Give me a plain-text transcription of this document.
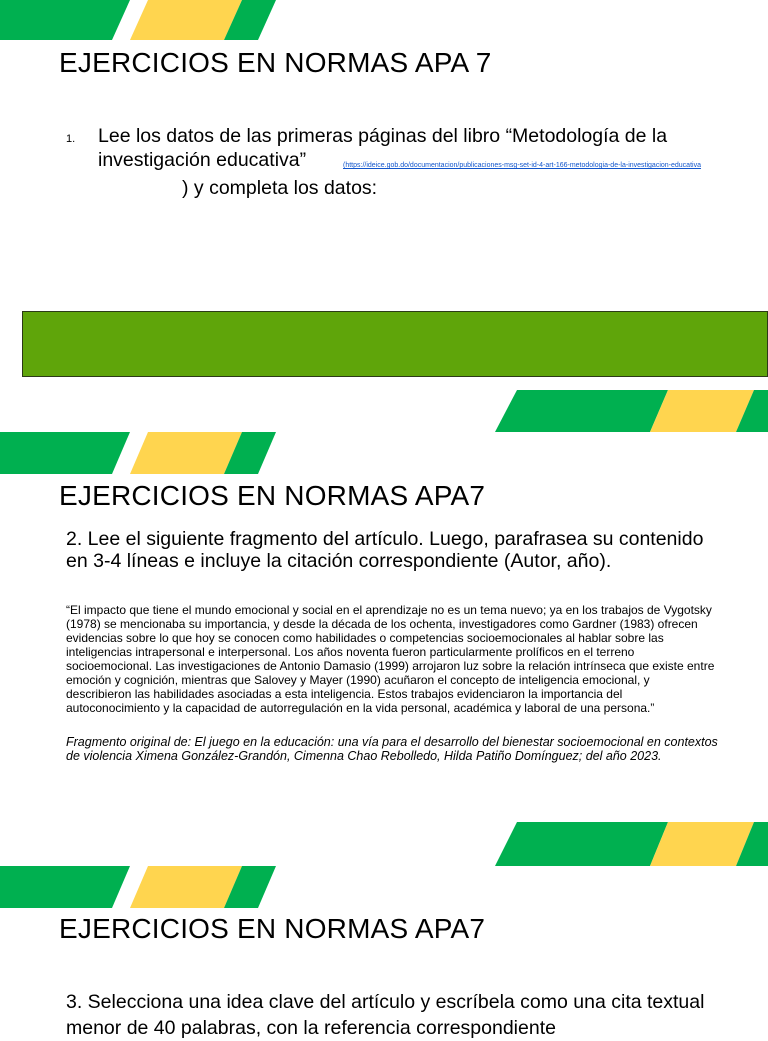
EJERCICIOS EN NORMAS APA 7
1. Lee los datos de las primeras páginas del libro “Metodología de la investigación educativa”	(https://ideice.gob.do/documentacion/publicaciones-msg-set-id-4-art-166-metodologia-de-la-investigacion-educativa
) y completa los datos:
EJERCICIOS EN NORMAS APA7

2. Lee el siguiente fragmento del artículo. Luego, parafrasea su contenido en 3-4 líneas e incluye la citación correspondiente (Autor, año).

“El impacto que tiene el mundo emocional y social en el aprendizaje no es un tema nuevo; ya en los trabajos de Vygotsky (1978) se mencionaba su importancia, y desde la década de los ochenta, investigadores como Gardner (1983) ofrecen evidencias sobre lo que hoy se conocen como habilidades o competencias socioemocionales al hablar sobre las inteligencias intrapersonal e interpersonal. Los años noventa fueron particularmente prolíficos en el terreno socioemocional. Las investigaciones de Antonio Damasio (1999) arrojaron luz sobre la relación intrínseca que existe entre emoción y cognición, mientras que Salovey y Mayer (1990) acuñaron el concepto de inteligencia emocional, y describieron las habilidades asociadas a esta inteligencia. Estos trabajos evidenciaron la importancia del autoconocimiento y la capacidad de autorregulación en la vida personal, académica y laboral de una persona.”

Fragmento original de: El juego en la educación: una vía para el desarrollo del bienestar socioemocional en contextos de violencia Ximena González-Grandón, Cimenna Chao Rebolledo, Hilda Patiño Domínguez; del año 2023.

EJERCICIOS EN NORMAS APA7

3. Selecciona una idea clave del artículo y escríbela como una cita textual menor de 40 palabras, con la referencia correspondiente
